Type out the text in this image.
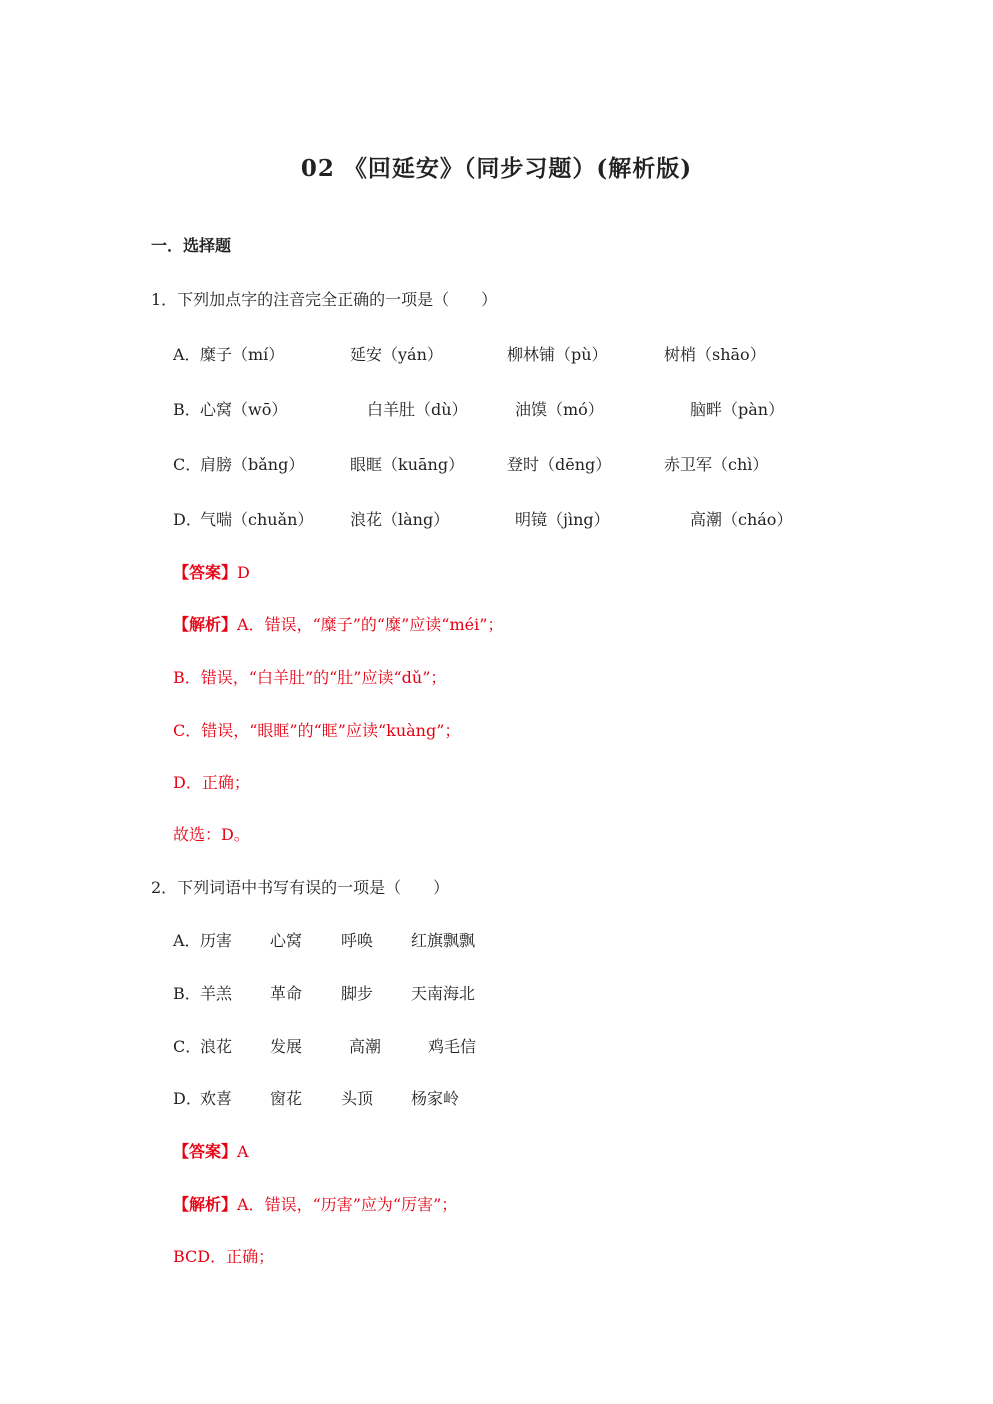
02 《回延安》（同步习题）(解析版)
一．选择题
1．下列加点字的注音完全正确的一项是（　　）
A． 糜子（mí）	延安（yán）	柳林铺（pù）	树梢（shāo）
B． 心窝（wō）	白羊肚（dù）	油馍（mó）	脑畔（pàn）
C．
肩膀（bǎng）	眼眶（kuāng）	登时（dēng）	赤卫军（chì）
D．
气喘（chuǎn） 浪花（làng）	明镜（jìng）	高潮（cháo）
【答案】D
【解析】A．错误，“糜子”的“糜”应读“méi”；
B．错误，“白羊肚”的“肚”应读“dǔ”；
C．错误，“眼眶”的“眶”应读“kuàng”；
D．正确；
故选：D。
2．下列词语中书写有误的一项是（　　）
A． 历害 心窝 呼唤 红旗飘飘
B． 羊羔 革命 脚步 天南海北
C．
浪花 发展	高潮	鸡毛信
D．
欢喜 窗花 头顶 杨家岭
【答案】A
【解析】A．错误，“历害”应为“厉害”；
BCD．正确；
